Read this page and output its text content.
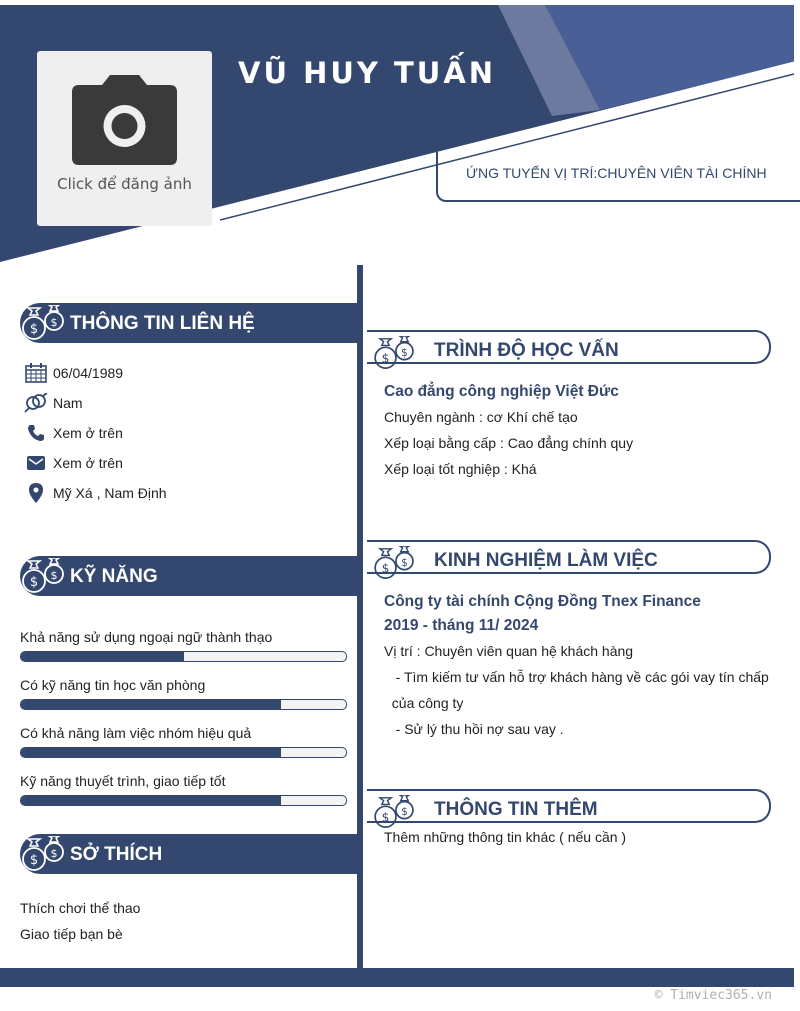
Click để đăng ảnh
VŨ HUY TUẤN
ỨNG TUYỂN VỊ TRÍ:CHUYÊN VIÊN TÀI CHÍNH
$ $ THÔNG TIN LIÊN HỆ
06/04/1989
Nam
Xem ở trên
Xem ở trên
Mỹ Xá , Nam Định
$ $ KỸ NĂNG
Khả năng sử dụng ngoại ngữ thành thạo
Có kỹ năng tin học văn phòng
Có khả năng làm việc nhóm hiệu quả
Kỹ năng thuyết trình, giao tiếp tốt
$ $ SỞ THÍCH
Thích chơi thể thao
Giao tiếp bạn bè
$ $ TRÌNH ĐỘ HỌC VẤN
Cao đẳng công nghiệp Việt Đức
Chuyên ngành : cơ Khí chế tạo
Xếp loại bằng cấp : Cao đẳng chính quy
Xếp loại tốt nghiệp : Khá
$ $ KINH NGHIỆM LÀM VIỆC
Công ty tài chính Cộng Đồng Tnex Finance
2019 - tháng 11/ 2024
Vị trí : Chuyên viên quan hệ khách hàng
- Tìm kiếm tư vấn hỗ trợ khách hàng về các gói vay tín chấp
của công ty
- Sử lý thu hồi nợ sau vay .
$ $ THÔNG TIN THÊM
Thêm những thông tin khác ( nếu cần )
© Timviec365.vn
